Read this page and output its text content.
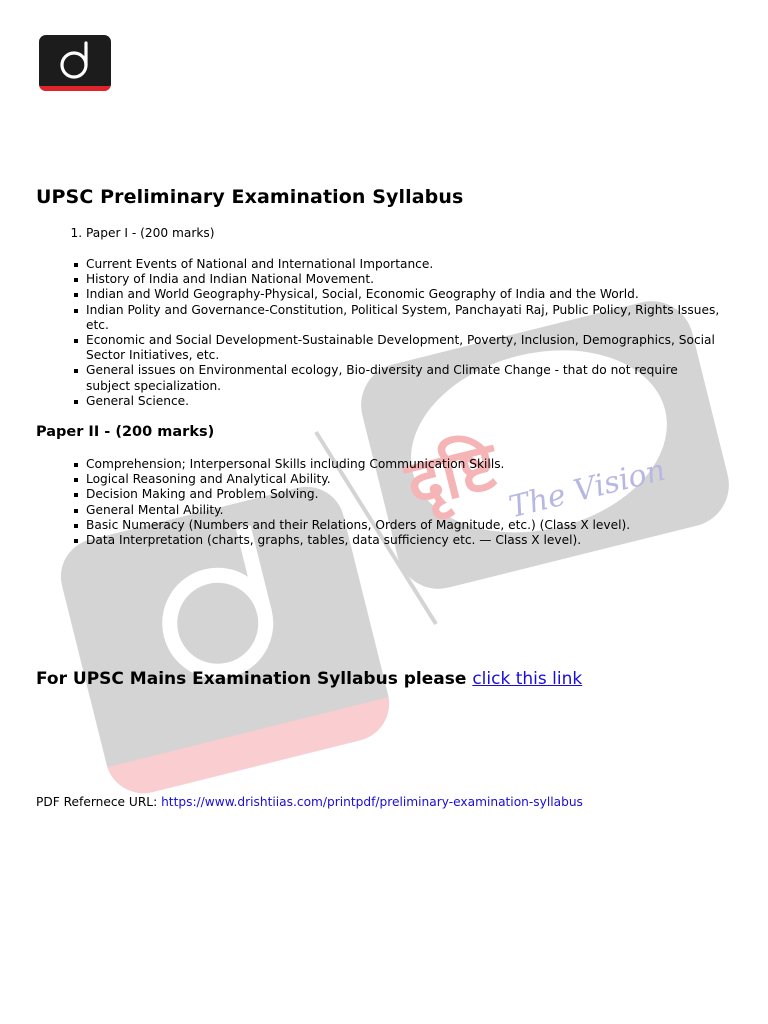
दृष्टि The Vision
UPSC Preliminary Examination Syllabus
1. Paper I - (200 marks)
Current Events of National and International Importance.
History of India and Indian National Movement.
Indian and World Geography-Physical, Social, Economic Geography of India and the World.
Indian Polity and Governance-Constitution, Political System, Panchayati Raj, Public Policy, Rights Issues, etc.
Economic and Social Development-Sustainable Development, Poverty, Inclusion, Demographics, Social Sector Initiatives, etc.
General issues on Environmental ecology, Bio-diversity and Climate Change - that do not require subject specialization.
General Science.
Paper II - (200 marks)
Comprehension; Interpersonal Skills including Communication Skills.
Logical Reasoning and Analytical Ability.
Decision Making and Problem Solving.
General Mental Ability.
Basic Numeracy (Numbers and their Relations, Orders of Magnitude, etc.) (Class X level).
Data Interpretation (charts, graphs, tables, data sufficiency etc. — Class X level).

For UPSC Mains Examination Syllabus please click this link

PDF Refernece URL: https://www.drishtiias.com/printpdf/preliminary-examination-syllabus
